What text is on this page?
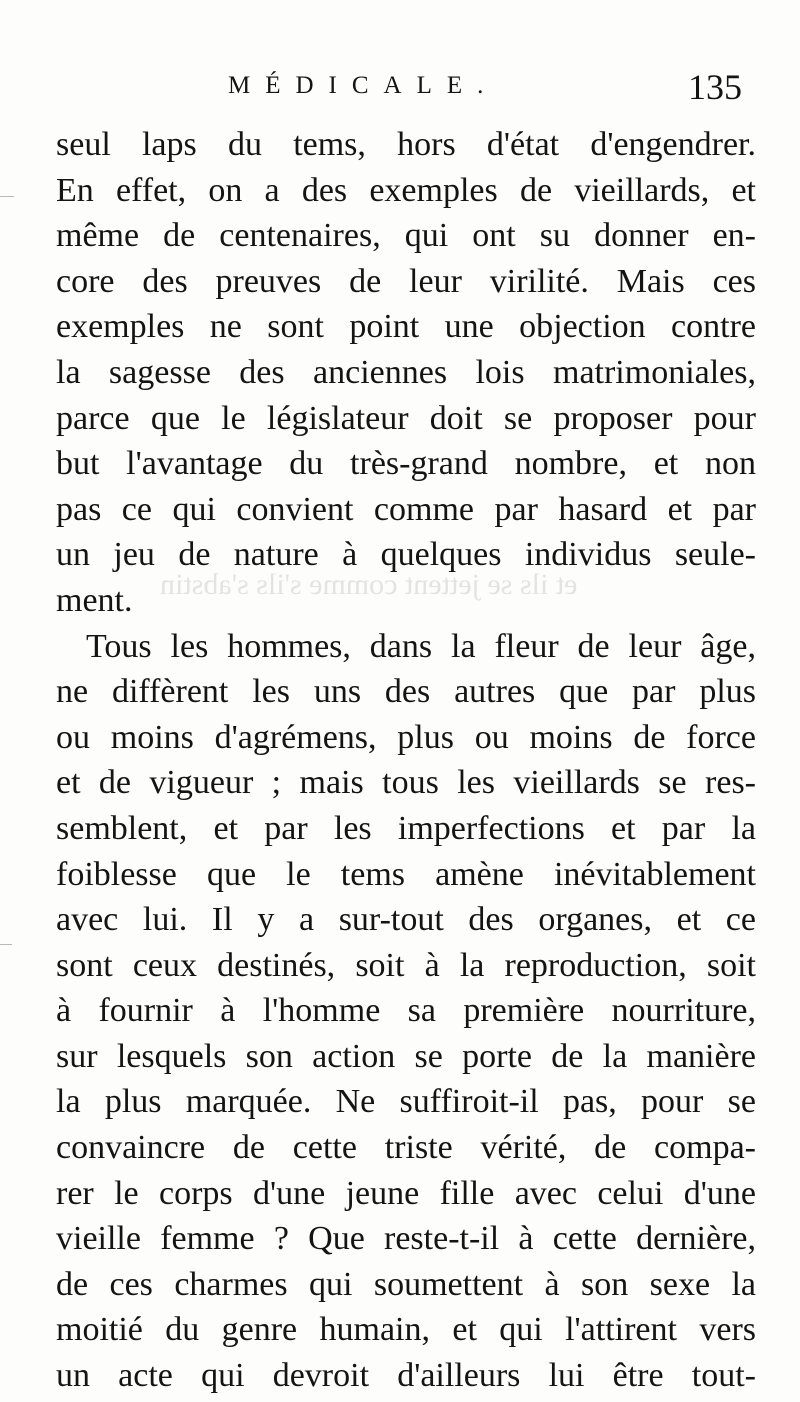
MÉDICALE.	135
et ils se jettent comme s'ils s'abstin
seul laps du tems, hors d'état d'engendrer.
En effet, on a des exemples de vieillards, et
même de centenaires, qui ont su donner en-
core des preuves de leur virilité. Mais ces
exemples ne sont point une objection contre
la sagesse des anciennes lois matrimoniales,
parce que le législateur doit se proposer pour
but l'avantage du très-grand nombre, et non
pas ce qui convient comme par hasard et par
un jeu de nature à quelques individus seule-
ment.
Tous les hommes, dans la fleur de leur âge,
ne diffèrent les uns des autres que par plus
ou moins d'agrémens, plus ou moins de force
et de vigueur ; mais tous les vieillards se res-
semblent, et par les imperfections et par la
foiblesse que le tems amène inévitablement
avec lui. Il y a sur-tout des organes, et ce
sont ceux destinés, soit à la reproduction, soit
à fournir à l'homme sa première nourriture,
sur lesquels son action se porte de la manière
la plus marquée. Ne suffiroit-il pas, pour se
convaincre de cette triste vérité, de compa-
rer le corps d'une jeune fille avec celui d'une
vieille femme ? Que reste-t-il à cette dernière,
de ces charmes qui soumettent à son sexe la
moitié du genre humain, et qui l'attirent vers
un acte qui devroit d'ailleurs lui être tout-
